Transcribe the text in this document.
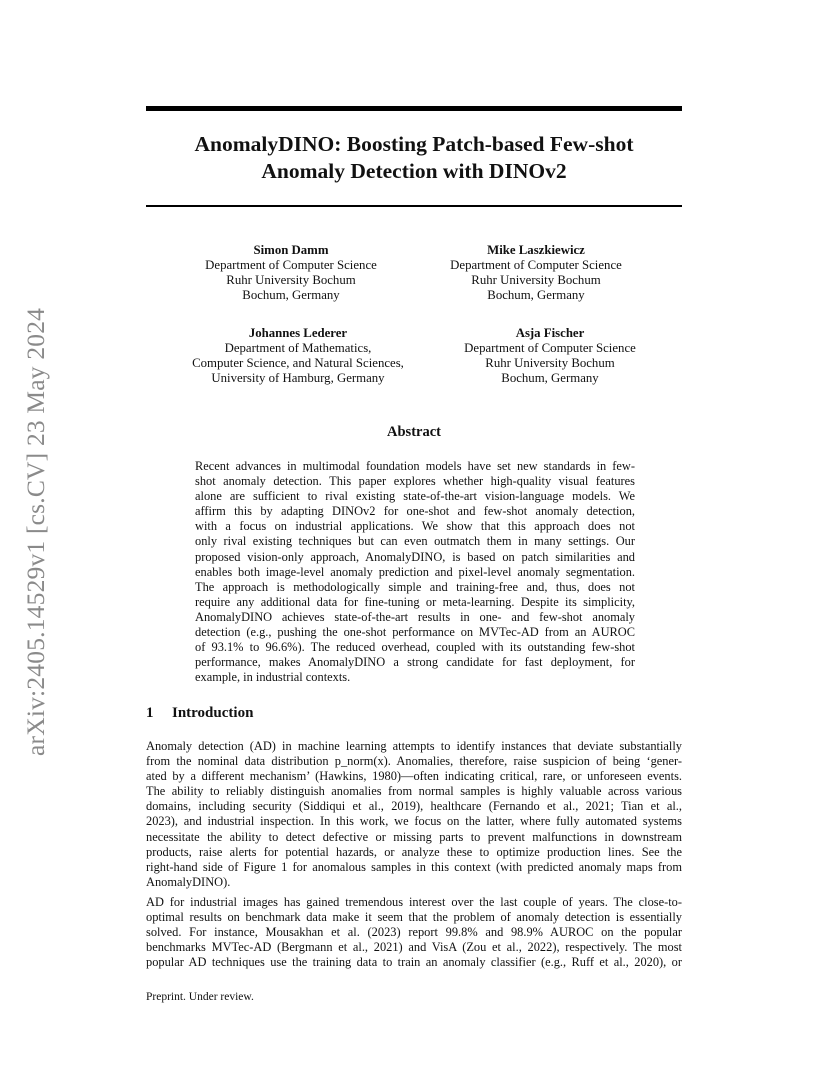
arXiv:2405.14529v1 [cs.CV] 23 May 2024
AnomalyDINO: Boosting Patch-based Few-shot
Anomaly Detection with DINOv2
Simon Damm
Department of Computer Science
Ruhr University Bochum
Bochum, Germany
Mike Laszkiewicz
Department of Computer Science
Ruhr University Bochum
Bochum, Germany
Johannes Lederer
Department of Mathematics,
Computer Science, and Natural Sciences,
University of Hamburg, Germany
Asja Fischer
Department of Computer Science
Ruhr University Bochum
Bochum, Germany
Abstract
Recent advances in multimodal foundation models have set new standards in few-
shot anomaly detection. This paper explores whether high-quality visual features
alone are sufficient to rival existing state-of-the-art vision-language models. We
affirm this by adapting DINOv2 for one-shot and few-shot anomaly detection,
with a focus on industrial applications. We show that this approach does not
only rival existing techniques but can even outmatch them in many settings. Our
proposed vision-only approach, AnomalyDINO, is based on patch similarities and
enables both image-level anomaly prediction and pixel-level anomaly segmentation.
The approach is methodologically simple and training-free and, thus, does not
require any additional data for fine-tuning or meta-learning. Despite its simplicity,
AnomalyDINO achieves state-of-the-art results in one- and few-shot anomaly
detection (e.g., pushing the one-shot performance on MVTec-AD from an AUROC
of 93.1% to 96.6%). The reduced overhead, coupled with its outstanding few-shot
performance, makes AnomalyDINO a strong candidate for fast deployment, for
example, in industrial contexts.
1 Introduction
Anomaly detection (AD) in machine learning attempts to identify instances that deviate substantially
from the nominal data distribution p_norm(x). Anomalies, therefore, raise suspicion of being ‘gener-
ated by a different mechanism’ (Hawkins, 1980)—often indicating critical, rare, or unforeseen events.
The ability to reliably distinguish anomalies from normal samples is highly valuable across various
domains, including security (Siddiqui et al., 2019), healthcare (Fernando et al., 2021; Tian et al.,
2023), and industrial inspection. In this work, we focus on the latter, where fully automated systems
necessitate the ability to detect defective or missing parts to prevent malfunctions in downstream
products, raise alerts for potential hazards, or analyze these to optimize production lines. See the
right-hand side of Figure 1 for anomalous samples in this context (with predicted anomaly maps from
AnomalyDINO).
AD for industrial images has gained tremendous interest over the last couple of years. The close-to-
optimal results on benchmark data make it seem that the problem of anomaly detection is essentially
solved. For instance, Mousakhan et al. (2023) report 99.8% and 98.9% AUROC on the popular
benchmarks MVTec-AD (Bergmann et al., 2021) and VisA (Zou et al., 2022), respectively. The most
popular AD techniques use the training data to train an anomaly classifier (e.g., Ruff et al., 2020), or
Preprint. Under review.
